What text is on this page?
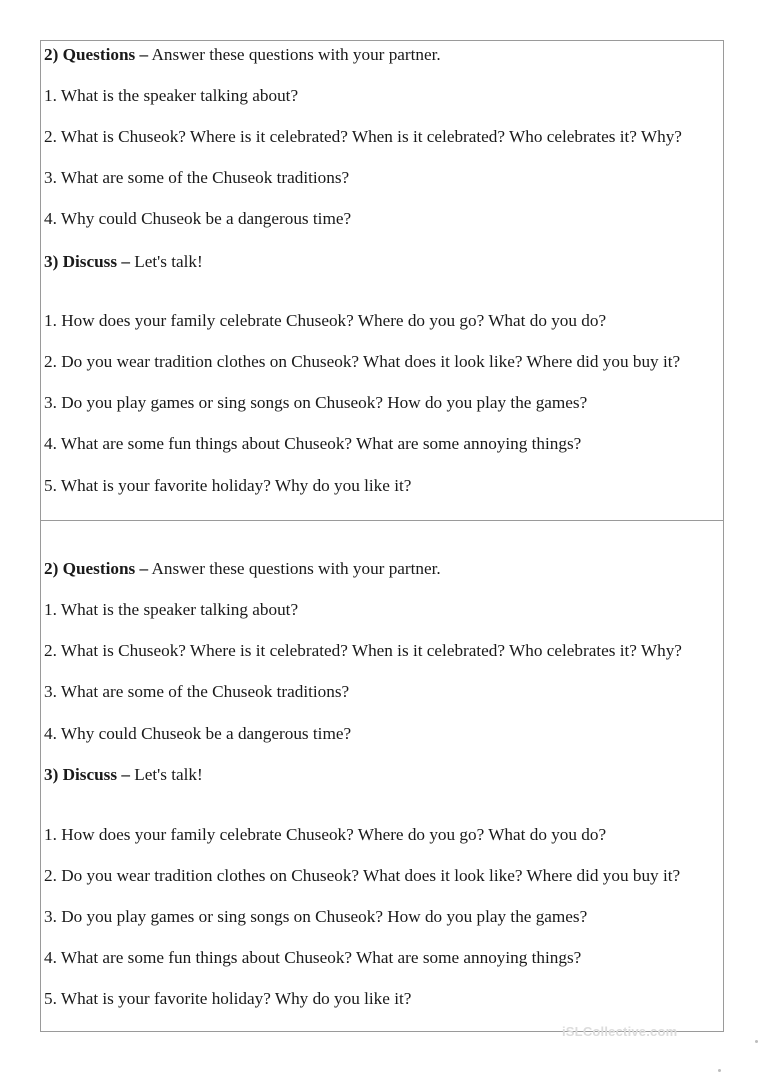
2) Questions – Answer these questions with your partner.
1. What is the speaker talking about?
2. What is Chuseok? Where is it celebrated? When is it celebrated? Who celebrates it? Why?
3. What are some of the Chuseok traditions?
4. Why could Chuseok be a dangerous time?
3) Discuss – Let's talk!
1. How does your family celebrate Chuseok? Where do you go? What do you do?
2. Do you wear tradition clothes on Chuseok? What does it look like? Where did you buy it?
3. Do you play games or sing songs on Chuseok? How do you play the games?
4. What are some fun things about Chuseok? What are some annoying things?
5. What is your favorite holiday? Why do you like it?
2) Questions – Answer these questions with your partner.
1. What is the speaker talking about?
2. What is Chuseok? Where is it celebrated? When is it celebrated? Who celebrates it? Why?
3. What are some of the Chuseok traditions?
4. Why could Chuseok be a dangerous time?
3) Discuss – Let's talk!
1. How does your family celebrate Chuseok? Where do you go? What do you do?
2. Do you wear tradition clothes on Chuseok? What does it look like? Where did you buy it?
3. Do you play games or sing songs on Chuseok? How do you play the games?
4. What are some fun things about Chuseok? What are some annoying things?
5. What is your favorite holiday? Why do you like it?
iSLCollective.com
